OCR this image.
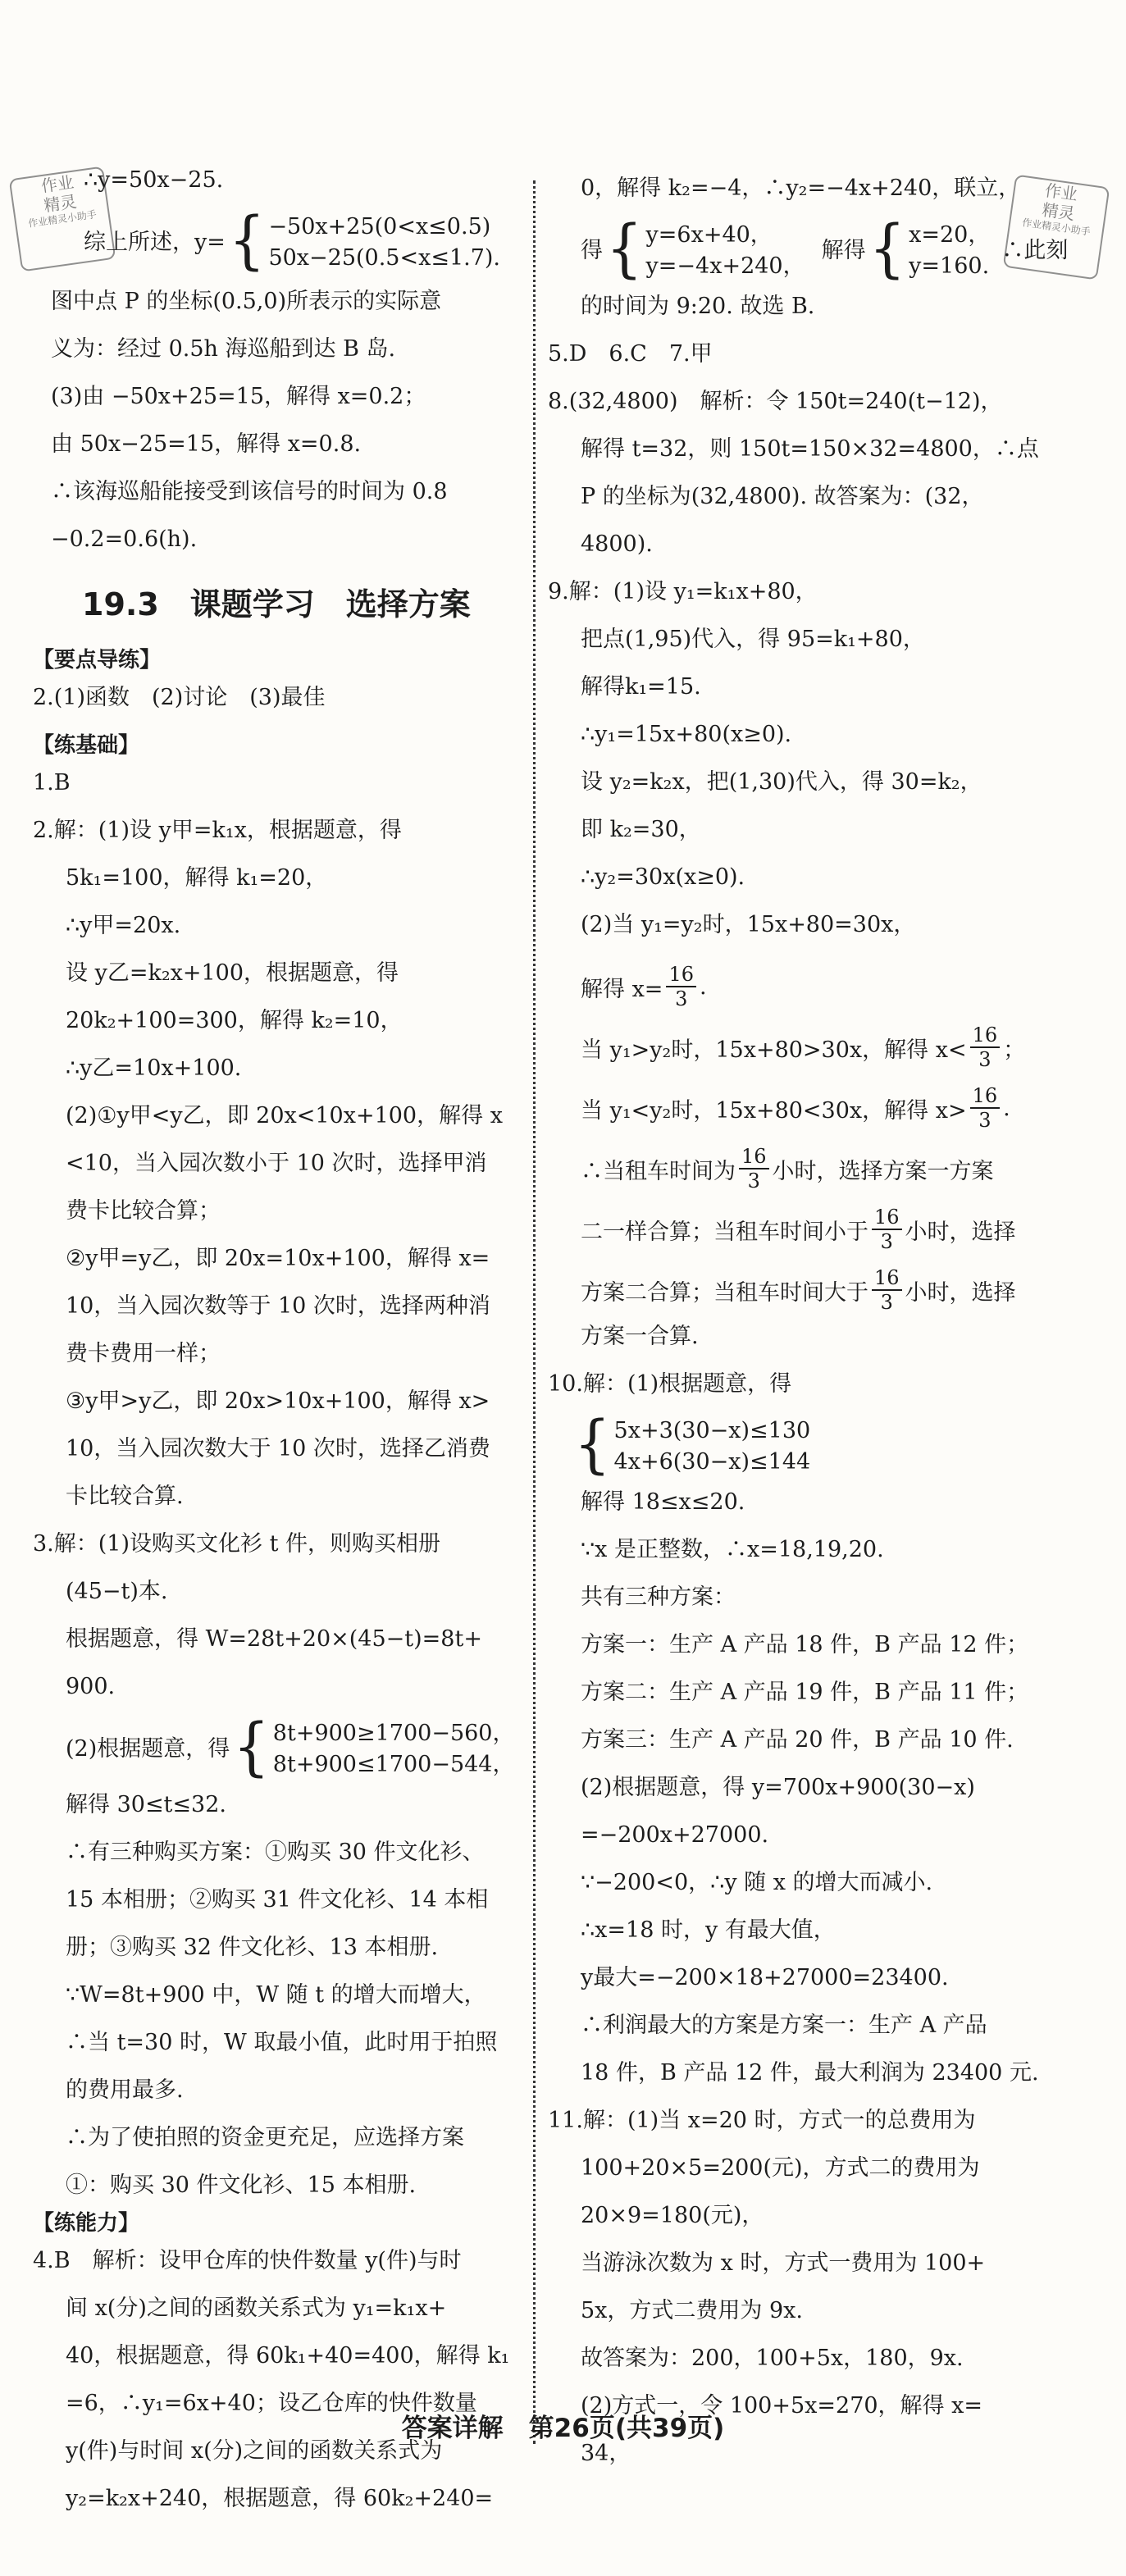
作业
精灵
作业精灵小助手
作业
精灵
作业精灵小助手

∴y=50x−25.

综上所述，y= { −50x+25(0<x≤0.5)
50x−25(0.5<x≤1.7).

图中点 P 的坐标(0.5,0)所表示的实际意

义为：经过 0.5h 海巡船到达 B 岛.

(3)由 −50x+25=15，解得 x=0.2；

由 50x−25=15，解得 x=0.8.

∴该海巡船能接受到该信号的时间为 0.8

−0.2=0.6(h).

19.3　课题学习　选择方案
【要点导练】

2.(1)函数　(2)讨论　(3)最佳

【练基础】

1.B

2.解：(1)设 y甲=k₁x，根据题意，得

5k₁=100，解得 k₁=20，

∴y甲=20x.

设 y乙=k₂x+100，根据题意，得

20k₂+100=300，解得 k₂=10，

∴y乙=10x+100.

(2)①y甲<y乙，即 20x<10x+100，解得 x

<10，当入园次数小于 10 次时，选择甲消

费卡比较合算；

②y甲=y乙，即 20x=10x+100，解得 x=

10，当入园次数等于 10 次时，选择两种消

费卡费用一样；

③y甲>y乙，即 20x>10x+100，解得 x>

10，当入园次数大于 10 次时，选择乙消费

卡比较合算.

3.解：(1)设购买文化衫 t 件，则购买相册

(45−t)本.

根据题意，得 W=28t+20×(45−t)=8t+

900.

(2)根据题意，得 { 8t+900≥1700−560，
8t+900≤1700−544，

解得 30≤t≤32.

∴有三种购买方案：①购买 30 件文化衫、

15 本相册；②购买 31 件文化衫、14 本相

册；③购买 32 件文化衫、13 本相册.

∵W=8t+900 中，W 随 t 的增大而增大，

∴当 t=30 时，W 取最小值，此时用于拍照

的费用最多.

∴为了使拍照的资金更充足，应选择方案

①：购买 30 件文化衫、15 本相册.

【练能力】

4.B　解析：设甲仓库的快件数量 y(件)与时

间 x(分)之间的函数关系式为 y₁=k₁x+

40，根据题意，得 60k₁+40=400，解得 k₁

=6，∴y₁=6x+40；设乙仓库的快件数量

y(件)与时间 x(分)之间的函数关系式为

y₂=k₂x+240，根据题意，得 60k₂+240=

0，解得 k₂=−4，∴y₂=−4x+240，联立，

得 { y=6x+40，
y=−4x+240，
解得 { x=20，
y=160.
∴此刻

的时间为 9:20. 故选 B.

5.D　6.C　7.甲

8.(32,4800)　解析：令 150t=240(t−12)，

解得 t=32，则 150t=150×32=4800，∴点

P 的坐标为(32,4800). 故答案为：(32，

4800).

9.解：(1)设 y₁=k₁x+80，

把点(1,95)代入，得 95=k₁+80，

解得k₁=15.

∴y₁=15x+80(x≥0).

设 y₂=k₂x，把(1,30)代入，得 30=k₂，

即 k₂=30，

∴y₂=30x(x≥0).

(2)当 y₁=y₂时，15x+80=30x，

解得 $x= \frac{16}{3}$ .
当 y₁>y₂时，15x+80>30x，解得 $x< \frac{16}{3}$ ；
当 y₁<y₂时，15x+80<30x，解得 $x> \frac{16}{3}$ .
∴当租车时间为 $\frac{16}{3}$ 小时，选择方案一方案
二一样合算；当租车时间小于 $\frac{16}{3}$ 小时，选择
方案二合算；当租车时间大于 $\frac{16}{3}$ 小时，选择

方案一合算.

10.解：(1)根据题意，得

{ 5x+3(30−x)≤130
4x+6(30−x)≤144

解得 18≤x≤20.

∵x 是正整数，∴x=18,19,20.

共有三种方案：

方案一：生产 A 产品 18 件，B 产品 12 件；

方案二：生产 A 产品 19 件，B 产品 11 件；

方案三：生产 A 产品 20 件，B 产品 10 件.

(2)根据题意，得 y=700x+900(30−x)

=−200x+27000.

∵−200<0，∴y 随 x 的增大而减小.

∴x=18 时，y 有最大值，

y最大=−200×18+27000=23400.

∴利润最大的方案是方案一：生产 A 产品

18 件，B 产品 12 件，最大利润为 23400 元.

11.解：(1)当 x=20 时，方式一的总费用为

100+20×5=200(元)，方式二的费用为

20×9=180(元)，

当游泳次数为 x 时，方式一费用为 100+

5x，方式二费用为 9x.

故答案为：200，100+5x，180，9x.

(2)方式一，令 100+5x=270，解得 x=

34，

答案详解　第26页(共39页)
